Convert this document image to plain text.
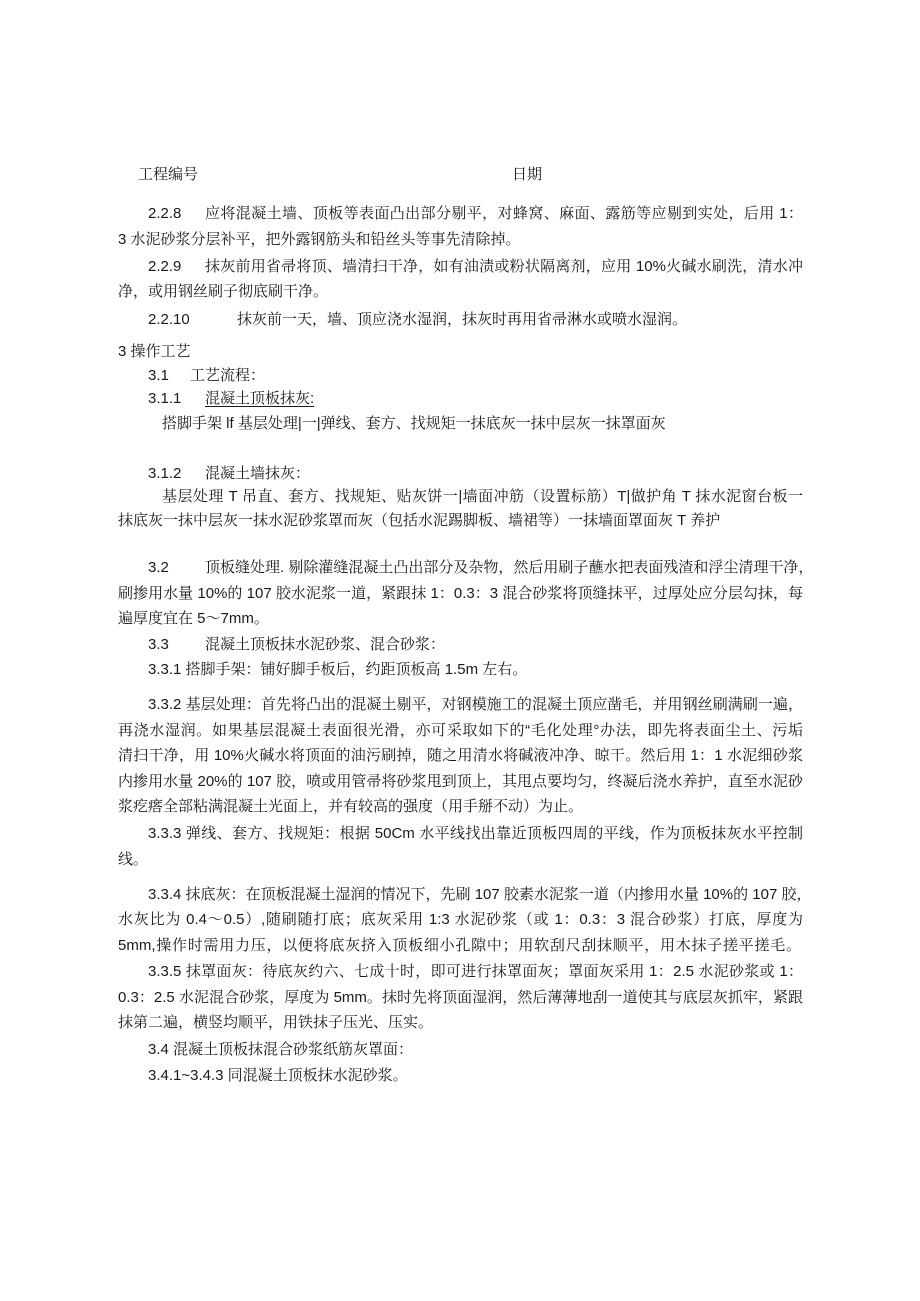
工程编号	日期
2.2.8 应将混凝土墙、顶板等表面凸出部分剔平，对蜂窝、麻面、露筋等应剔到实处，后用 1：
3 水泥砂浆分层补平，把外露钢筋头和铅丝头等事先清除掉。
2.2.9 抹灰前用省帚将顶、墙清扫干净，如有油渍或粉状隔离剂，应用 10%火碱水刷洗，清水冲
净，或用钢丝刷子彻底刷干净。
2.2.10	抹灰前一天，墙、顶应浇水湿润，抹灰时再用省帚淋水或喷水湿润。
3 操作工艺
3.1 工艺流程：
3.1.1 混凝土顶板抹灰:
搭脚手架 lf 基层处理|一|弹线、套方、找规矩一抹底灰一抹中层灰一抹罩面灰
3.1.2 混凝土墙抹灰：
基层处理 T 吊直、套方、找规矩、贴灰饼一|墙面冲筋（设置标筋）T|做护角 T 抹水泥窗台板一
抹底灰一抹中层灰一抹水泥砂浆罩而灰（包括水泥踢脚板、墙裙等）一抹墙面罩面灰 T 养护
3.2 顶板缝处理. 剔除灌缝混凝土凸出部分及杂物，然后用刷子蘸水把表面残渣和浮尘清理干净，
刷掺用水量 10%的 107 胶水泥浆一道，紧跟抹 1：0.3：3 混合砂浆将顶缝抹平，过厚处应分层勾抹，每
遍厚度宜在 5～7mm。
3.3 混凝土顶板抹水泥砂浆、混合砂浆：
3.3.1 搭脚手架：铺好脚手板后，约距顶板高 1.5m 左右。
3.3.2 基层处理：首先将凸出的混凝土剔平，对钢模施工的混凝土顶应凿毛，并用钢丝刷满刷一遍，
再浇水湿润。如果基层混凝土表面很光滑，亦可采取如下的“毛化处理°办法，即先将表面尘土、污垢
清扫干净，用 10%火碱水将顶面的油污刷掉，随之用清水将碱液冲净、晾干。然后用 1：1 水泥细砂浆
内掺用水量 20%的 107 胶，喷或用管帚将砂浆甩到顶上，其甩点要均匀，终凝后浇水养护，直至水泥砂
浆疙瘩全部粘满混凝土光面上，并有较高的强度（用手掰不动）为止。
3.3.3 弹线、套方、找规矩：根据 50Cm 水平线找出靠近顶板四周的平线，作为顶板抹灰水平控制
线。
3.3.4 抹底灰：在顶板混凝土湿润的情况下，先刷 107 胶素水泥浆一道（内掺用水量 10%的 107 胶，
水灰比为 0.4～0.5）,随刷随打底；底灰采用 1:3 水泥砂浆（或 1：0.3：3 混合砂浆）打底，厚度为
5mm,操作时需用力压，以便将底灰挤入顶板细小孔隙中；用软刮尺刮抹顺平，用木抹子搓平搓毛。
3.3.5 抹罩面灰：待底灰约六、七成十时，即可进行抹罩面灰；罩面灰采用 1：2.5 水泥砂浆或 1：
0.3：2.5 水泥混合砂浆，厚度为 5mm。抹时先将顶面湿润，然后薄薄地刮一道使其与底层灰抓牢，紧跟
抹第二遍，横竖均顺平，用铁抹子压光、压实。
3.4 混凝土顶板抹混合砂浆纸筋灰罩面：
3.4.1~3.4.3 同混凝土顶板抹水泥砂浆。
